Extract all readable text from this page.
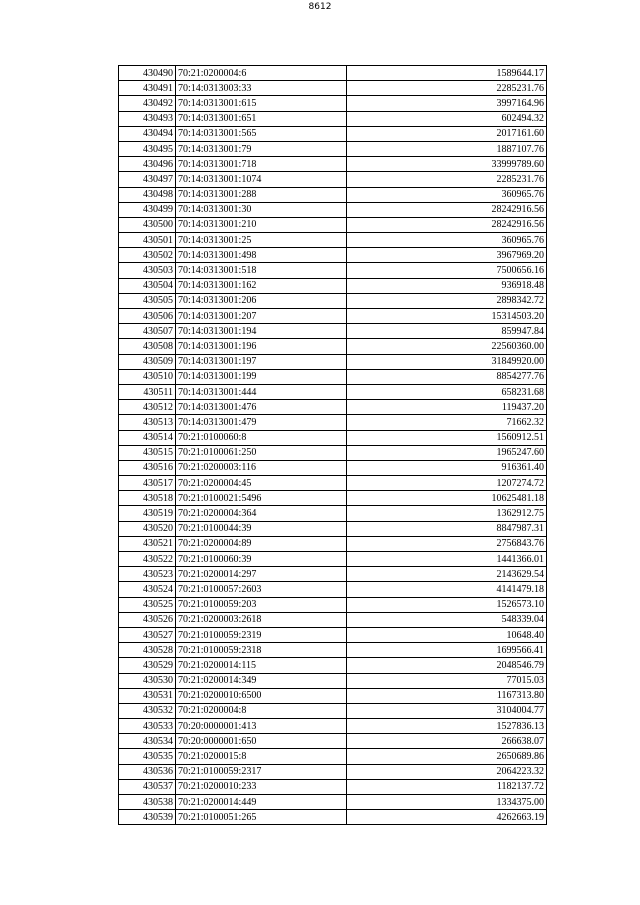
8612
430490	70:21:0200004:6	1589644.17
430491	70:14:0313003:33	2285231.76
430492	70:14:0313001:615	3997164.96
430493	70:14:0313001:651	602494.32
430494	70:14:0313001:565	2017161.60
430495	70:14:0313001:79	1887107.76
430496	70:14:0313001:718	33999789.60
430497	70:14:0313001:1074	2285231.76
430498	70:14:0313001:288	360965.76
430499	70:14:0313001:30	28242916.56
430500	70:14:0313001:210	28242916.56
430501	70:14:0313001:25	360965.76
430502	70:14:0313001:498	3967969.20
430503	70:14:0313001:518	7500656.16
430504	70:14:0313001:162	936918.48
430505	70:14:0313001:206	2898342.72
430506	70:14:0313001:207	15314503.20
430507	70:14:0313001:194	859947.84
430508	70:14:0313001:196	22560360.00
430509	70:14:0313001:197	31849920.00
430510	70:14:0313001:199	8854277.76
430511	70:14:0313001:444	658231.68
430512	70:14:0313001:476	119437.20
430513	70:14:0313001:479	71662.32
430514	70:21:0100060:8	1560912.51
430515	70:21:0100061:250	1965247.60
430516	70:21:0200003:116	916361.40
430517	70:21:0200004:45	1207274.72
430518	70:21:0100021:5496	10625481.18
430519	70:21:0200004:364	1362912.75
430520	70:21:0100044:39	8847987.31
430521	70:21:0200004:89	2756843.76
430522	70:21:0100060:39	1441366.01
430523	70:21:0200014:297	2143629.54
430524	70:21:0100057:2603	4141479.18
430525	70:21:0100059:203	1526573.10
430526	70:21:0200003:2618	548339.04
430527	70:21:0100059:2319	10648.40
430528	70:21:0100059:2318	1699566.41
430529	70:21:0200014:115	2048546.79
430530	70:21:0200014:349	77015.03
430531	70:21:0200010:6500	1167313.80
430532	70:21:0200004:8	3104004.77
430533	70:20:0000001:413	1527836.13
430534	70:20:0000001:650	266638.07
430535	70:21:0200015:8	2650689.86
430536	70:21:0100059:2317	2064223.32
430537	70:21:0200010:233	1182137.72
430538	70:21:0200014:449	1334375.00
430539	70:21:0100051:265	4262663.19
